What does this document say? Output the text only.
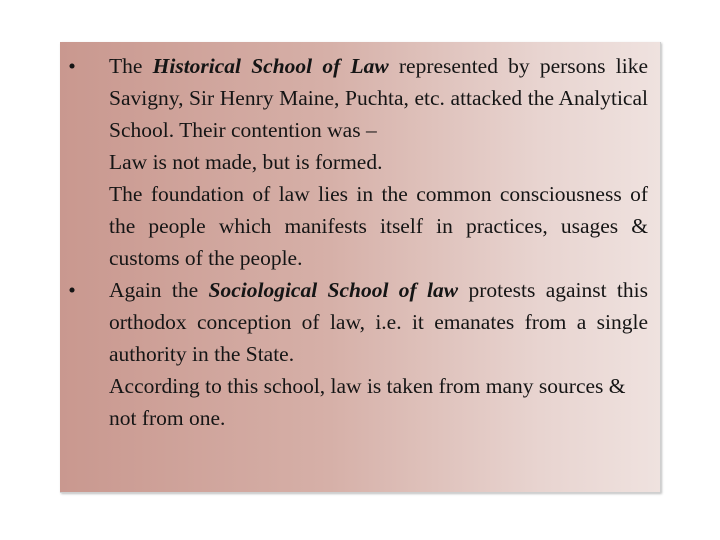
• The Historical School of Law represented by persons like Savigny, Sir Henry Maine, Puchta, etc. attacked the Analytical School. Their contention was –

Law is not made, but is formed.

The foundation of law lies in the common consciousness of the people which manifests itself in practices, usages & customs of the people.

• Again the Sociological School of law protests against this orthodox conception of law, i.e. it emanates from a single authority in the State.

According to this school, law is taken from many sources & not from one.
